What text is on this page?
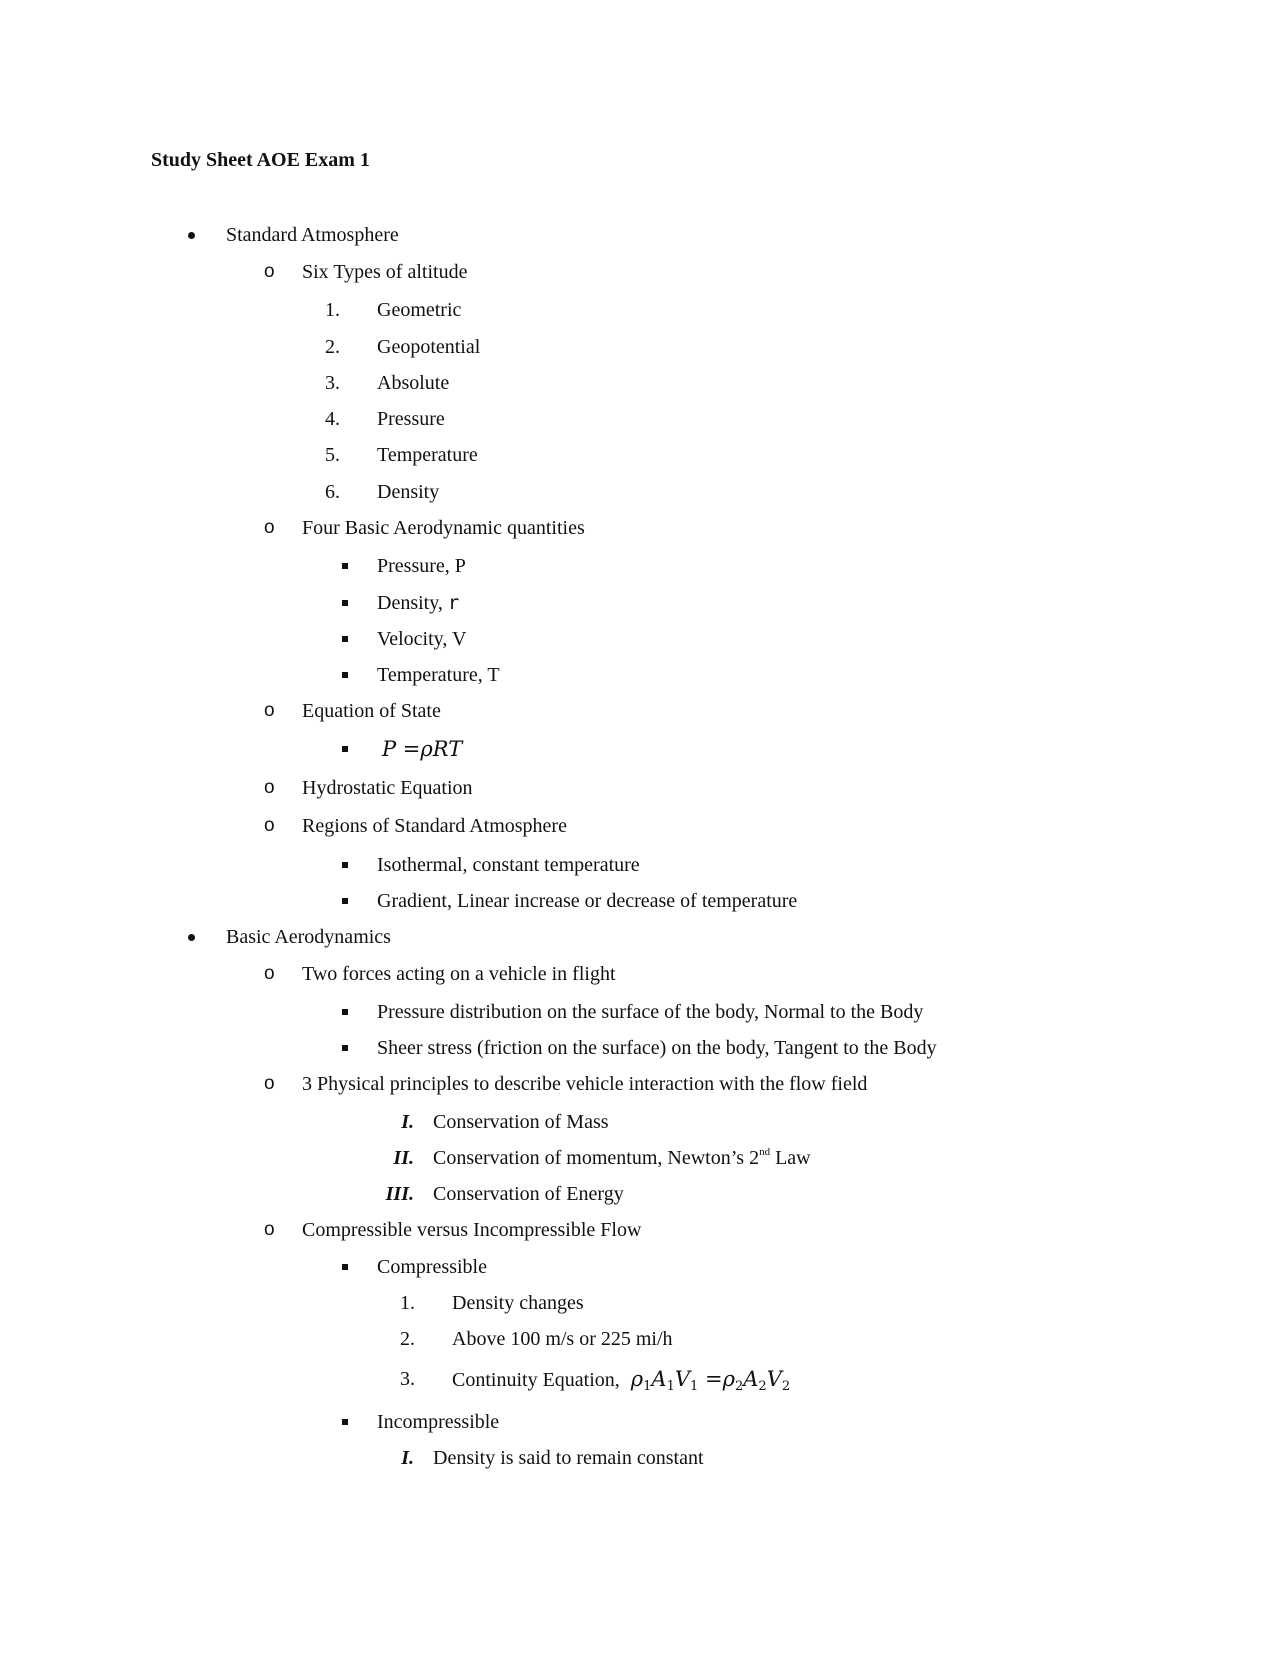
Study Sheet AOE Exam 1
Standard Atmosphere
o Six Types of altitude
1. Geometric
2. Geopotential
3. Absolute
4. Pressure
5. Temperature
6. Density
o Four Basic Aerodynamic quantities
Pressure, P
Density, r
Velocity, V
Temperature, T
o Equation of State
P =ρRT
o Hydrostatic Equation
o Regions of Standard Atmosphere
Isothermal, constant temperature
Gradient, Linear increase or decrease of temperature
Basic Aerodynamics
o Two forces acting on a vehicle in flight
Pressure distribution on the surface of the body, Normal to the Body
Sheer stress (friction on the surface) on the body, Tangent to the Body
o 3 Physical principles to describe vehicle interaction with the flow field
I. Conservation of Mass
II. Conservation of momentum, Newton’s 2nd Law
III. Conservation of Energy
o Compressible versus Incompressible Flow
Compressible
1. Density changes
2. Above 100 m/s or 225 mi/h
3. Continuity Equation, $\rho_1A_1V_1 =\rho_2A_2V_2$
Incompressible
I. Density is said to remain constant
